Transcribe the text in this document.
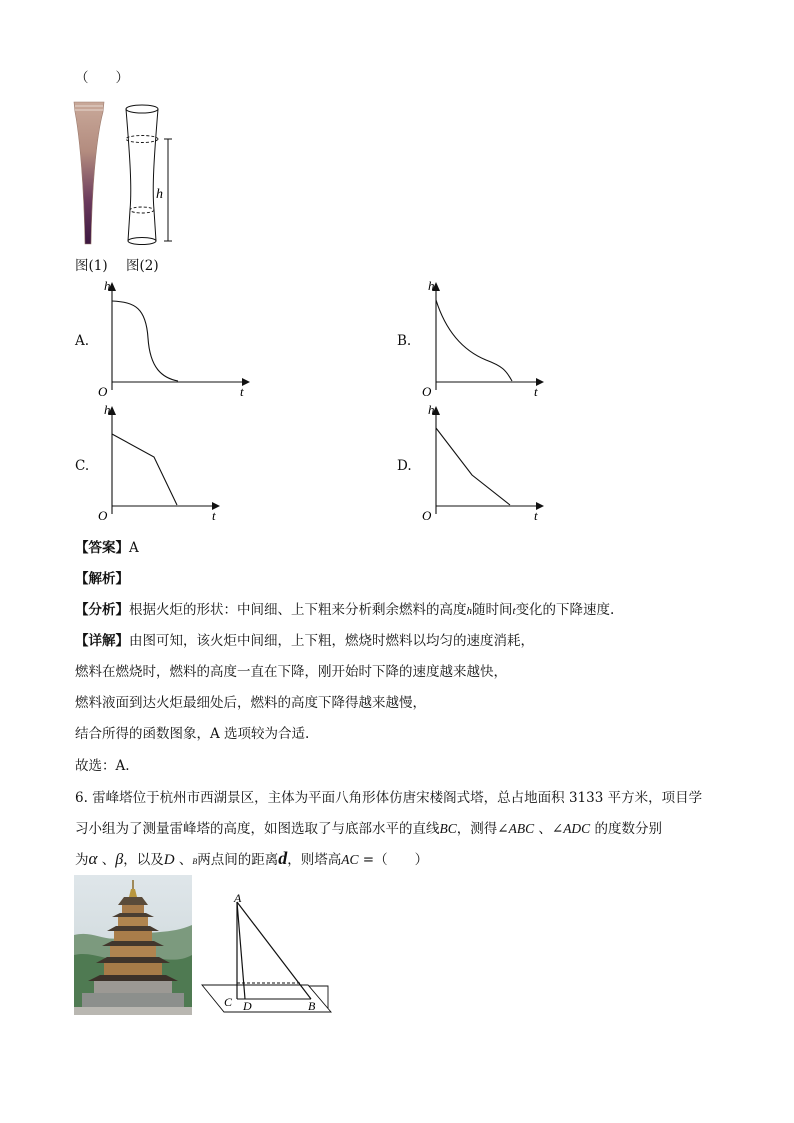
（　　）
h
图(1) 图(2)
A.
h
t
O
B.
h
t
O
C.
h
t
O
D.
h
t
O
【答案】A
【解析】
【分析】根据火炬的形状：中间细、上下粗来分析剩余燃料的高度h随时间t变化的下降速度.
【详解】由图可知，该火炬中间细，上下粗，燃烧时燃料以均匀的速度消耗，
燃料在燃烧时，燃料的高度一直在下降，刚开始时下降的速度越来越快，
燃料液面到达火炬最细处后，燃料的高度下降得越来越慢，
结合所得的函数图象，A 选项较为合适.
故选：A.
6. 雷峰塔位于杭州市西湖景区，主体为平面八角形体仿唐宋楼阁式塔，总占地面积 3133 平方米，项目学
习小组为了测量雷峰塔的高度，如图选取了与底部水平的直线BC，测得∠ABC 、∠ADC 的度数分别
为α 、β，以及D 、B两点间的距离d，则塔高AC =（　　）
A
C D	B
